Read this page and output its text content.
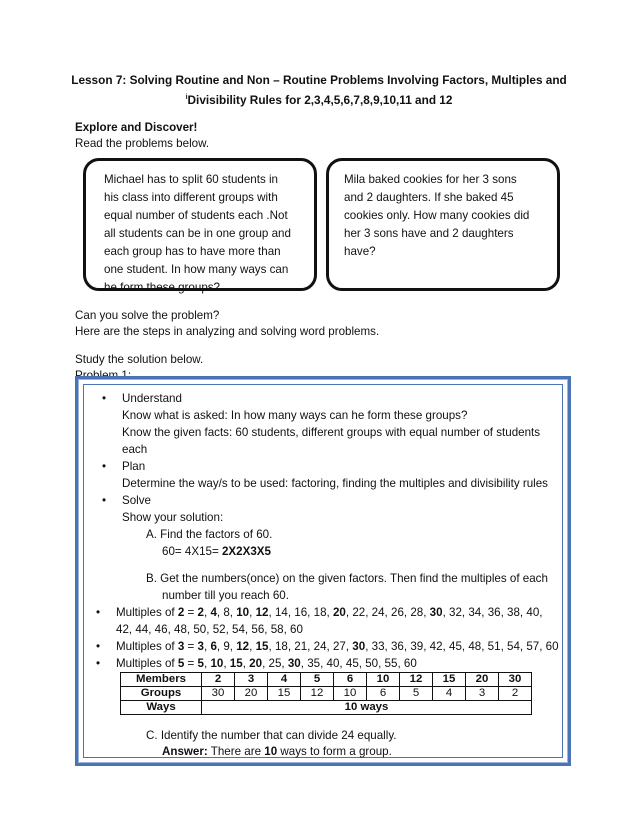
Lesson 7: Solving Routine and Non – Routine Problems Involving Factors, Multiples and
$^i$Divisibility Rules for 2,3,4,5,6,7,8,9,10,11 and 12
Explore and Discover!
Read the problems below.
Michael has to split 60 students in
his class into different groups with
equal number of students each .Not
all students can be in one group and
each group has to have more than
one student. In how many ways can
he form these groups?
Mila baked cookies for her 3 sons
and 2 daughters. If she baked 45
cookies only. How many cookies did
her 3 sons have and 2 daughters
have?
Can you solve the problem?
Here are the steps in analyzing and solving word problems.
Study the solution below.
Problem 1:
• Understand
Know what is asked: In how many ways can he form these groups?
Know the given facts: 60 students, different groups with equal number of students
each
• Plan
Determine the way/s to be used: factoring, finding the multiples and divisibility rules
• Solve
Show your solution:
A. Find the factors of 60.
60= 4X15= 2X2X3X5
B. Get the numbers(once) on the given factors. Then find the multiples of each
number till you reach 60.
• Multiples of 2 = 2, 4, 8, 10, 12, 14, 16, 18, 20, 22, 24, 26, 28, 30, 32, 34, 36, 38, 40,
42, 44, 46, 48, 50, 52, 54, 56, 58, 60
• Multiples of 3 = 3, 6, 9, 12, 15, 18, 21, 24, 27, 30, 33, 36, 39, 42, 45, 48, 51, 54, 57, 60
• Multiples of 5 = 5, 10, 15, 20, 25, 30, 35, 40, 45, 50, 55, 60
Members	2	3	4	5	6	10	12	15	20	30
Groups	30	20	15	12	10	6	5	4	3	2
Ways	10 ways									
C. Identify the number that can divide 24 equally.
Answer: There are 10 ways to form a group.
